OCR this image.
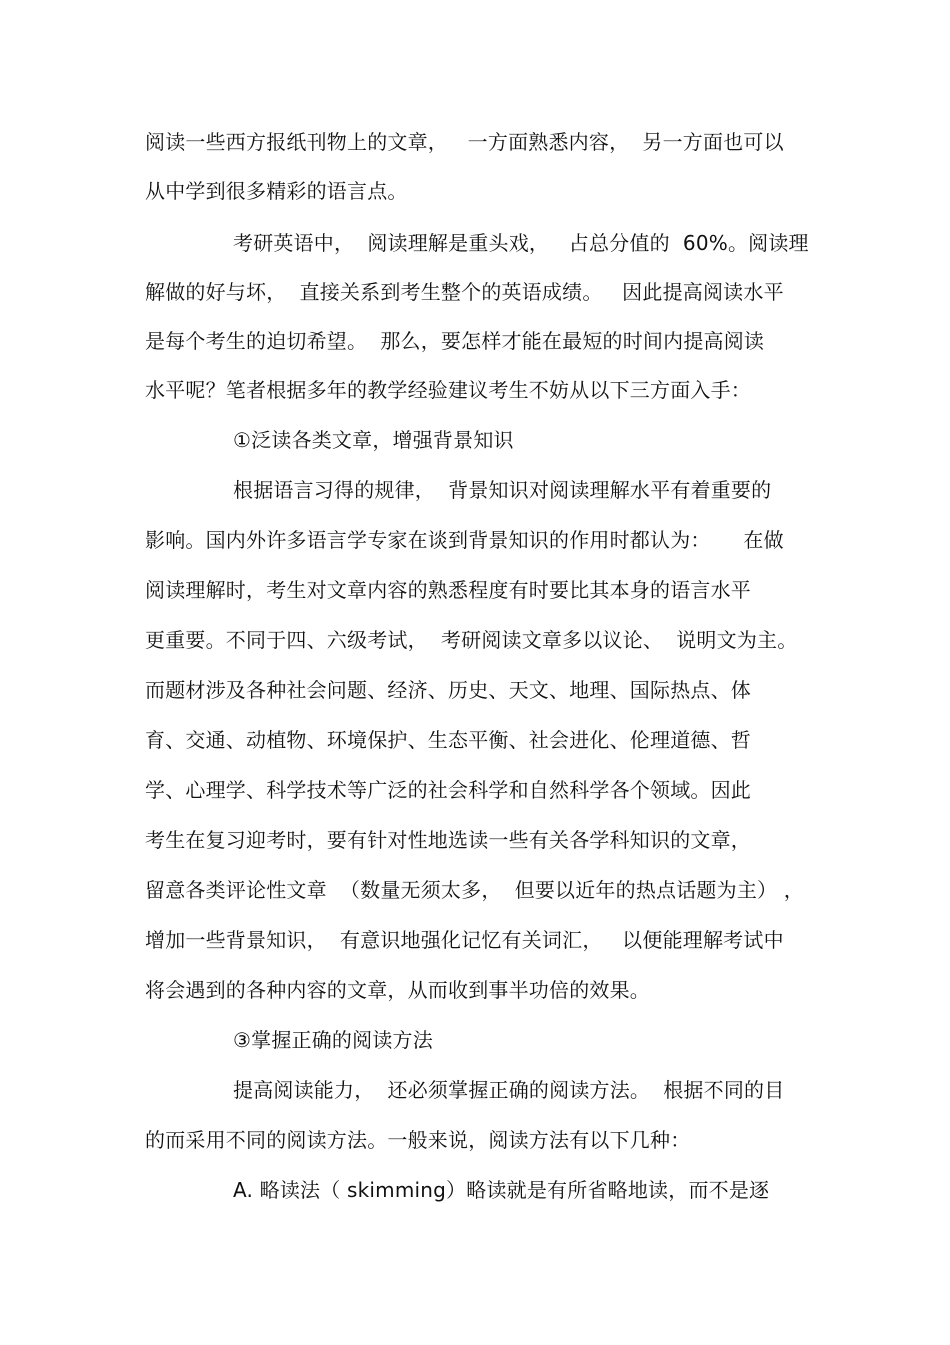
阅读一些西方报纸刊物上的文章，   一方面熟悉内容，  另一方面也可以
从中学到很多精彩的语言点。
考研英语中，  阅读理解是重头戏，   占总分值的  60%。阅读理
解做的好与坏，  直接关系到考生整个的英语成绩。   因此提高阅读水平
是每个考生的迫切希望。  那么，要怎样才能在最短的时间内提高阅读
水平呢？笔者根据多年的教学经验建议考生不妨从以下三方面入手：
①泛读各类文章，增强背景知识
根据语言习得的规律，  背景知识对阅读理解水平有着重要的
影响。国内外许多语言学专家在谈到背景知识的作用时都认为：     在做
阅读理解时，考生对文章内容的熟悉程度有时要比其本身的语言水平
更重要。不同于四、六级考试，  考研阅读文章多以议论、  说明文为主。
而题材涉及各种社会问题、经济、历史、天文、地理、国际热点、体
育、交通、动植物、环境保护、生态平衡、社会进化、伦理道德、哲
学、心理学、科学技术等广泛的社会科学和自然科学各个领域。因此
考生在复习迎考时，要有针对性地选读一些有关各学科知识的文章，
留意各类评论性文章  （数量无须太多，  但要以近年的热点话题为主） ，
增加一些背景知识，  有意识地强化记忆有关词汇，   以便能理解考试中
将会遇到的各种内容的文章，从而收到事半功倍的效果。
③掌握正确的阅读方法
提高阅读能力，  还必须掌握正确的阅读方法。  根据不同的目
的而采用不同的阅读方法。一般来说，阅读方法有以下几种：
A. 略读法（ skimming）略读就是有所省略地读，而不是逐
